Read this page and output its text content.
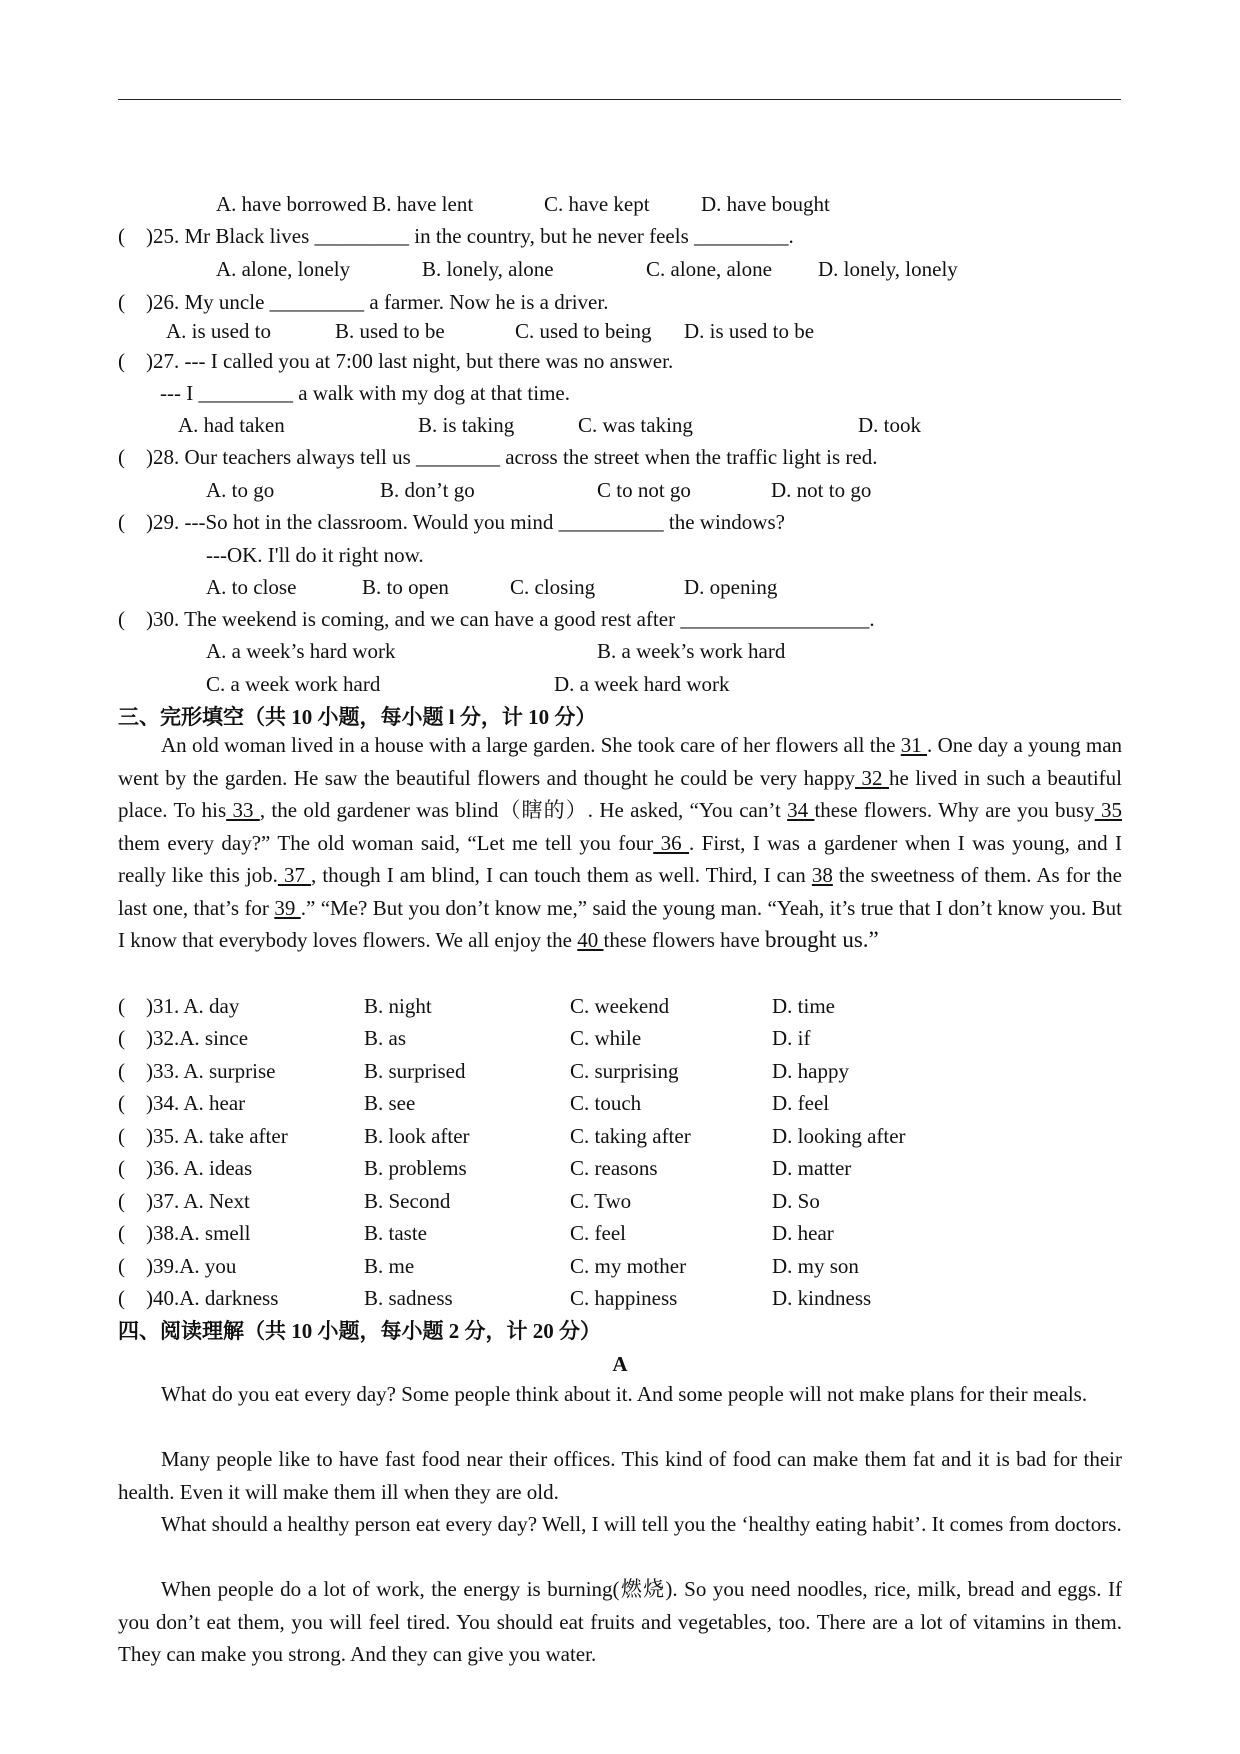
A. have borrowed B. have lent	C. have kept D. have bought
(    )25. Mr Black lives _________ in the country, but he never feels _________.
A. alone, lonely	B. lonely, alone	C. alone, alone D. lonely, lonely
(    )26. My uncle _________ a farmer. Now he is a driver.
A. is used to	B. used to be	C. used to being D. is used to be
(    )27. --- I called you at 7:00 last night, but there was no answer.
--- I _________ a walk with my dog at that time.
A. had taken	B. is taking	C. was taking	D. took
(    )28. Our teachers always tell us ________ across the street when the traffic light is red.
A. to go	B. don’t go	C to not go	D. not to go
(    )29. ---So hot in the classroom. Would you mind __________ the windows?
---OK. I'll do it right now.
A. to close	B. to open	C. closing	D. opening
(    )30. The weekend is coming, and we can have a good rest after __________________.
A. a week’s hard work	B. a week’s work hard
C. a week work hard	D. a week hard work
三、完形填空（共 10 小题，每小题 l 分，计 10 分）

An old woman lived in a house with a large garden. She took care of her flowers all the 31 . One day a young man went by the garden. He saw the beautiful flowers and thought he could be very happy 32 he lived in such a beautiful place. To his 33 , the old gardener was blind（瞎的）. He asked, “You can’t 34 these flowers. Why are you busy 35 them every day?” The old woman said, “Let me tell you four 36 . First, I was a gardener when I was young, and I really like this job. 37 , though I am blind, I can touch them as well. Third, I can 38 the sweetness of them. As for the last one, that’s for 39 .” “Me? But you don’t know me,” said the young man. “Yeah, it’s true that I don’t know you. But I know that everybody loves flowers. We all enjoy the 40 these flowers have brought us.”

(    )31. A. day	B. night	C. weekend	D. time
(    )32.A. since	B. as	C. while	D. if
(    )33. A. surprise	B. surprised	C. surprising	D. happy
(    )34. A. hear	B. see	C. touch	D. feel
(    )35. A. take after	B. look after	C. taking after	D. looking after
(    )36. A. ideas	B. problems	C. reasons	D. matter
(    )37. A. Next	B. Second	C. Two	D. So
(    )38.A. smell	B. taste	C. feel	D. hear
(    )39.A. you	B. me	C. my mother	D. my son
(    )40.A. darkness	B. sadness	C. happiness	D. kindness
四、阅读理解（共 10 小题，每小题 2 分，计 20 分）
A

What do you eat every day? Some people think about it. And some people will not make plans for their meals.

Many people like to have fast food near their offices. This kind of food can make them fat and it is bad for their health. Even it will make them ill when they are old.

What should a healthy person eat every day? Well, I will tell you the ‘healthy eating habit’. It comes from doctors.

When people do a lot of work, the energy is burning(燃烧). So you need noodles, rice, milk, bread and eggs. If you don’t eat them, you will feel tired. You should eat fruits and vegetables, too. There are a lot of vitamins in them. They can make you strong. And they can give you water.
